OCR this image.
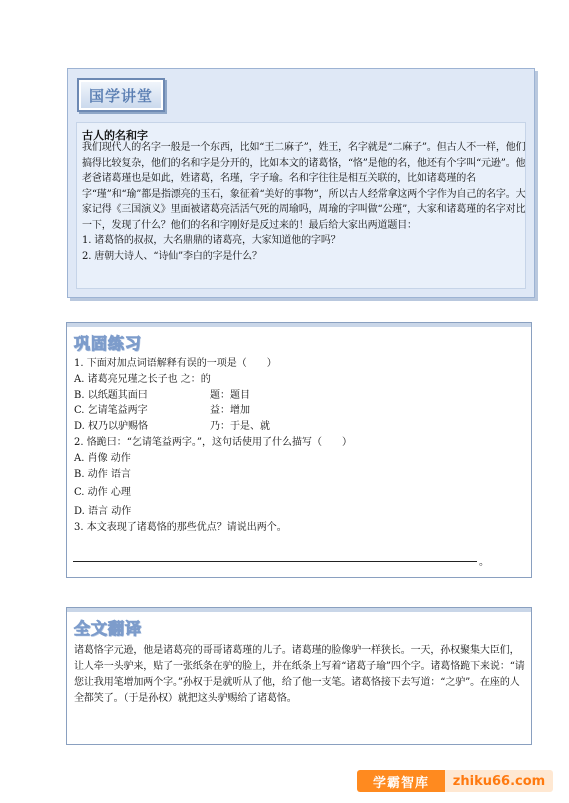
国学讲堂
古人的名和字

我们现代人的名字一般是一个东西，比如“王二麻子”，姓王，名字就是“二麻子”。但古人不一样，他们搞得比较复杂，他们的名和字是分开的，比如本文的诸葛恪，“恪”是他的名，他还有个字叫“元逊”。他老爸诸葛瑾也是如此，姓诸葛，名瑾，字子瑜。名和字往往是相互关联的，比如诸葛瑾的名字“瑾”和“瑜”都是指漂亮的玉石，象征着“美好的事物”，所以古人经常拿这两个字作为自己的名字。大家记得《三国演义》里面被诸葛亮活活气死的周瑜吗，周瑜的字叫做“公瑾”，大家和诸葛瑾的名字对比一下，发现了什么？他们的名和字刚好是反过来的！最后给大家出两道题目：

1. 诸葛恪的叔叔，大名鼎鼎的诸葛亮，大家知道他的字吗？

2. 唐朝大诗人、“诗仙”李白的字是什么？

巩固练习
1. 下面对加点词语解释有误的一项是（　　）
A. 诸葛亮兄瑾之长子也 之：的
B. 以纸题其面曰	题：题目
C. 乞请笔益两字	益：增加
D. 权乃以驴赐恪	乃：于是、就
2. 恪跪曰：“乞请笔益两字。”，这句话使用了什么描写（　　）
A. 肖像 动作
B. 动作 语言
C. 动作 心理
D. 语言 动作
3. 本文表现了诸葛恪的那些优点？请说出两个。
。
全文翻译
诸葛恪字元逊，他是诸葛亮的哥哥诸葛瑾的儿子。诸葛瑾的脸像驴一样狭长。一天，孙权聚集大臣们，让人牵一头驴来，贴了一张纸条在驴的脸上，并在纸条上写着“诸葛子瑜”四个字。诸葛恪跪下来说：“请您让我用笔增加两个字。”孙权于是就听从了他，给了他一支笔。诸葛恪接下去写道：“之驴”。在座的人全都笑了。（于是孙权）就把这头驴赐给了诸葛恪。
学霸智库	zhiku66.com
